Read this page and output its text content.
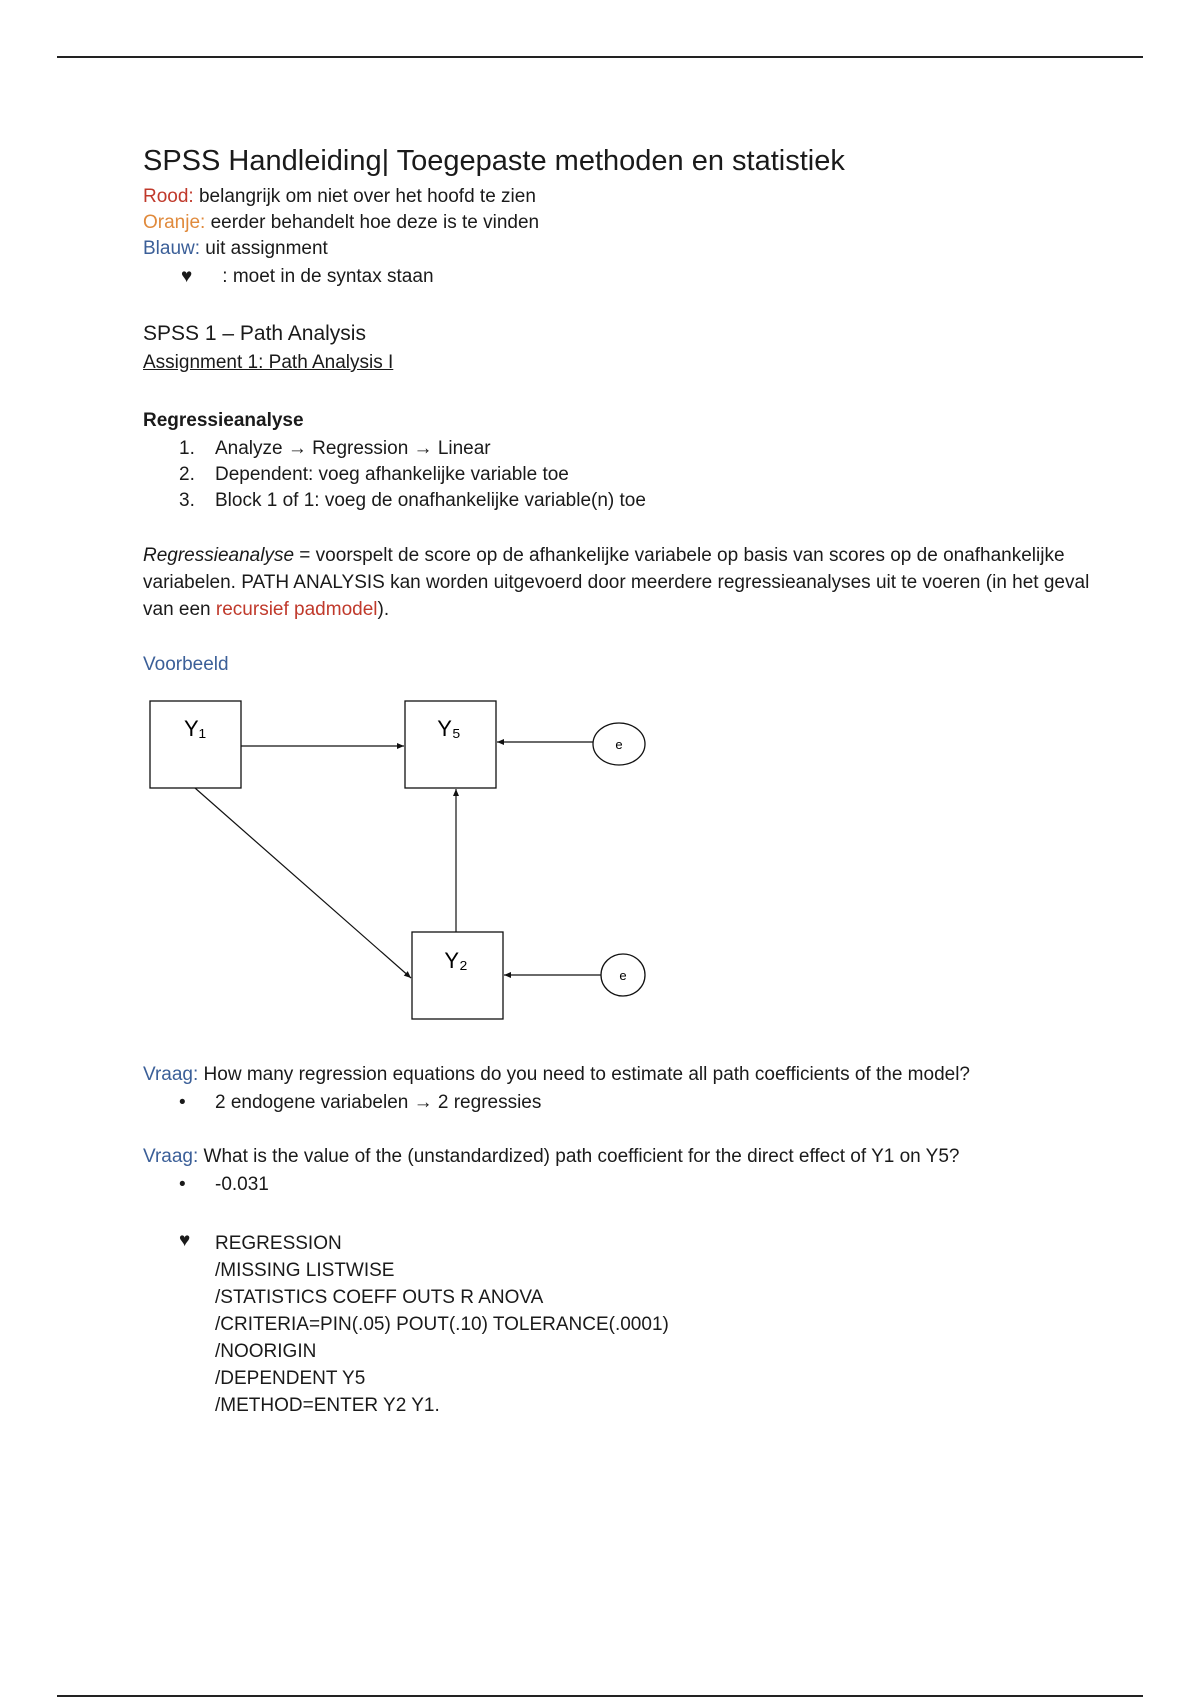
SPSS Handleiding| Toegepaste methoden en statistiek
Rood: belangrijk om niet over het hoofd te zien
Oranje: eerder behandelt hoe deze is te vinden
Blauw: uit assignment
♥ : moet in de syntax staan
SPSS 1 – Path Analysis
Assignment 1: Path Analysis I
Regressieanalyse
1. Analyze → Regression → Linear
2. Dependent: voeg afhankelijke variable toe
3. Block 1 of 1: voeg de onafhankelijke variable(n) toe
Regressieanalyse = voorspelt de score op de afhankelijke variabele op basis van scores op de onafhankelijke variabelen. PATH ANALYSIS kan worden uitgevoerd door meerdere regressieanalyses uit te voeren (in het geval van een recursief padmodel).
Voorbeeld
Y₁	Y₅
Y₂
e
e
Vraag: How many regression equations do you need to estimate all path coefficients of the model?
• 2 endogene variabelen → 2 regressies
Vraag: What is the value of the (unstandardized) path coefficient for the direct effect of Y1 on Y5?
• -0.031
♥ REGRESSION
/MISSING LISTWISE
/STATISTICS COEFF OUTS R ANOVA
/CRITERIA=PIN(.05) POUT(.10) TOLERANCE(.0001)
/NOORIGIN
/DEPENDENT Y5
/METHOD=ENTER Y2 Y1.
